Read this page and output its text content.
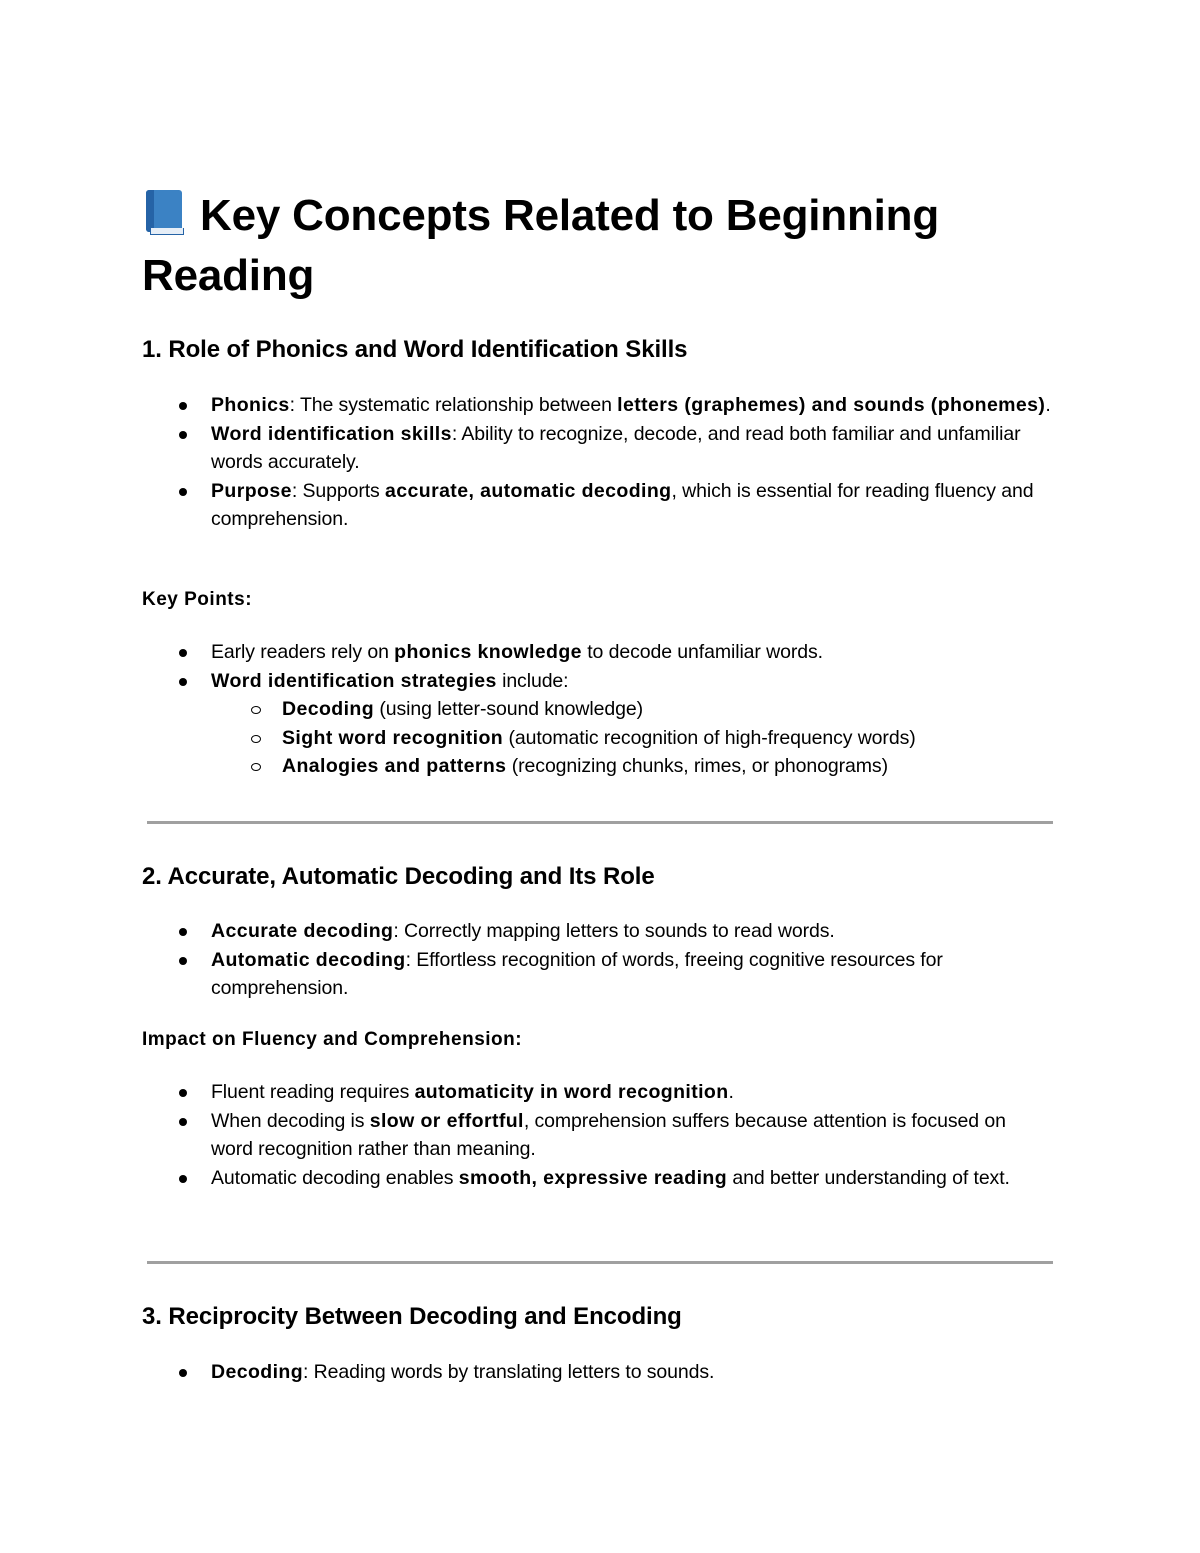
Key Concepts Related to Beginning Reading
1. Role of Phonics and Word Identification Skills
Phonics: The systematic relationship between letters (graphemes) and sounds (phonemes).
Word identification skills: Ability to recognize, decode, and read both familiar and unfamiliar words accurately.
Purpose: Supports accurate, automatic decoding, which is essential for reading fluency and comprehension.

Key Points:

Early readers rely on phonics knowledge to decode unfamiliar words.
Word identification strategies include:
Decoding (using letter-sound knowledge)
Sight word recognition (automatic recognition of high-frequency words)
Analogies and patterns (recognizing chunks, rimes, or phonograms)
2. Accurate, Automatic Decoding and Its Role
Accurate decoding: Correctly mapping letters to sounds to read words.
Automatic decoding: Effortless recognition of words, freeing cognitive resources for comprehension.

Impact on Fluency and Comprehension:

Fluent reading requires automaticity in word recognition.
When decoding is slow or effortful, comprehension suffers because attention is focused on word recognition rather than meaning.
Automatic decoding enables smooth, expressive reading and better understanding of text.
3. Reciprocity Between Decoding and Encoding
Decoding: Reading words by translating letters to sounds.
